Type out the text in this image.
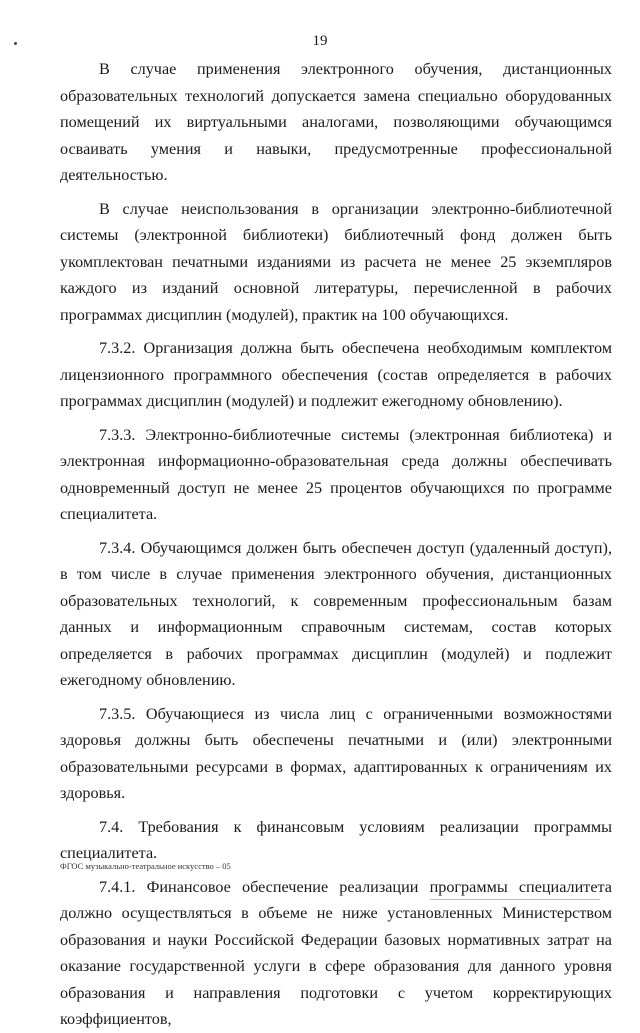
19

В случае применения электронного обучения, дистанционных образовательных технологий допускается замена специально оборудованных помещений их виртуальными аналогами, позволяющими обучающимся осваивать умения и навыки, предусмотренные профессиональной деятельностью.

В случае неиспользования в организации электронно-библиотечной системы (электронной библиотеки) библиотечный фонд должен быть укомплектован печатными изданиями из расчета не менее 25 экземпляров каждого из изданий основной литературы, перечисленной в рабочих программах дисциплин (модулей), практик на 100 обучающихся.

7.3.2. Организация должна быть обеспечена необходимым комплектом лицензионного программного обеспечения (состав определяется в рабочих программах дисциплин (модулей) и подлежит ежегодному обновлению).

7.3.3. Электронно-библиотечные системы (электронная библиотека) и электронная информационно-образовательная среда должны обеспечивать одновременный доступ не менее 25 процентов обучающихся по программе специалитета.

7.3.4. Обучающимся должен быть обеспечен доступ (удаленный доступ), в том числе в случае применения электронного обучения, дистанционных образовательных технологий, к современным профессиональным базам данных и информационным справочным системам, состав которых определяется в рабочих программах дисциплин (модулей) и подлежит ежегодному обновлению.

7.3.5. Обучающиеся из числа лиц с ограниченными возможностями здоровья должны быть обеспечены печатными и (или) электронными образовательными ресурсами в формах, адаптированных к ограничениям их здоровья.

7.4. Требования к финансовым условиям реализации программы специалитета.

7.4.1. Финансовое обеспечение реализации программы специалитета должно осуществляться в объеме не ниже установленных Министерством образования и науки Российской Федерации базовых нормативных затрат на оказание государственной услуги в сфере образования для данного уровня образования и направления подготовки с учетом корректирующих коэффициентов,

ФГОС музыкально-театральное искусство – 05
